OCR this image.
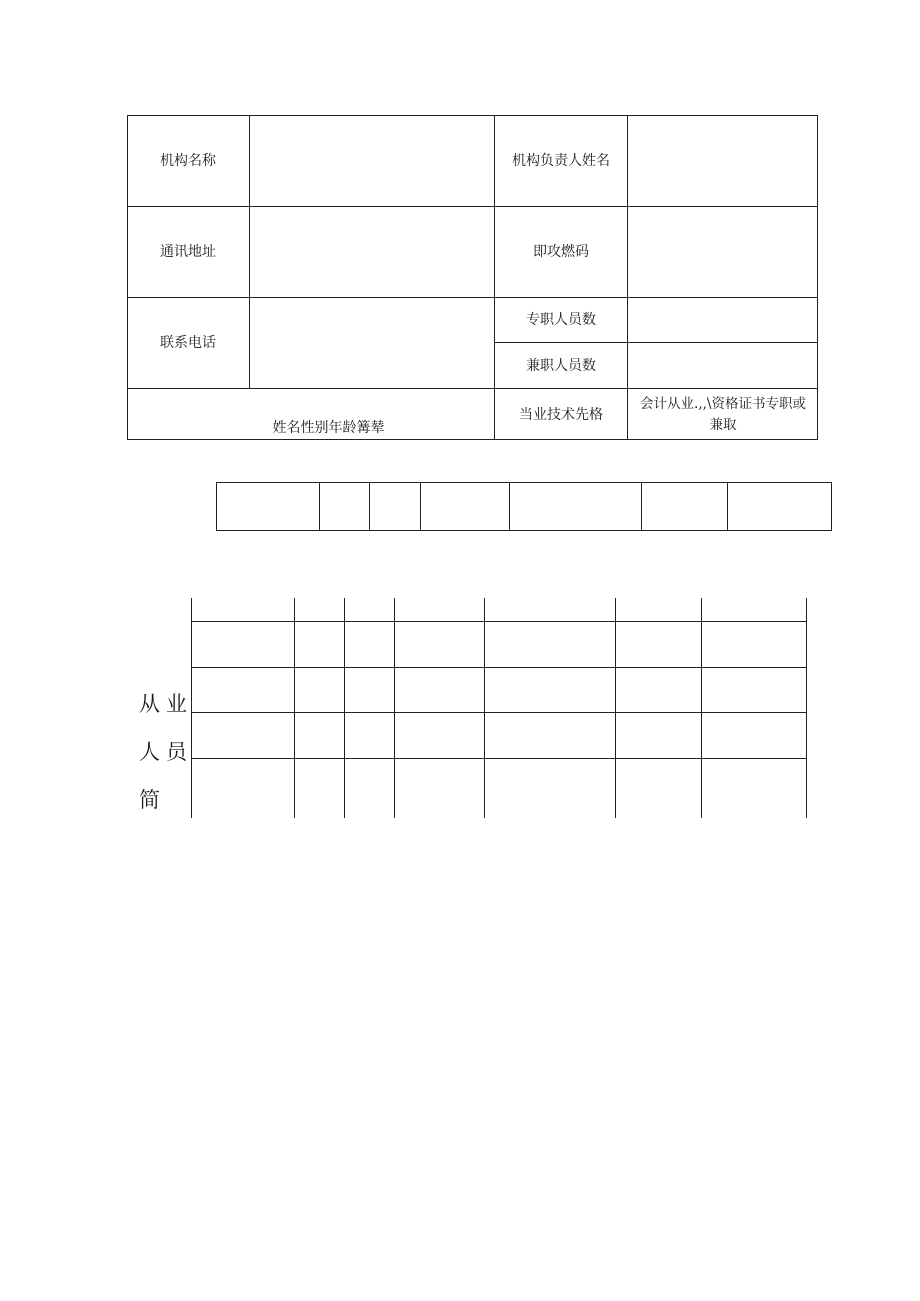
机构名称	机构负责人姓名
通讯地址	即攻燃码
联系电话
专职人员数
兼职人员数
姓名性别年龄篝辇
当业技术先格
会计从业.,,\资格证书专职或兼取
从业
人员
简
